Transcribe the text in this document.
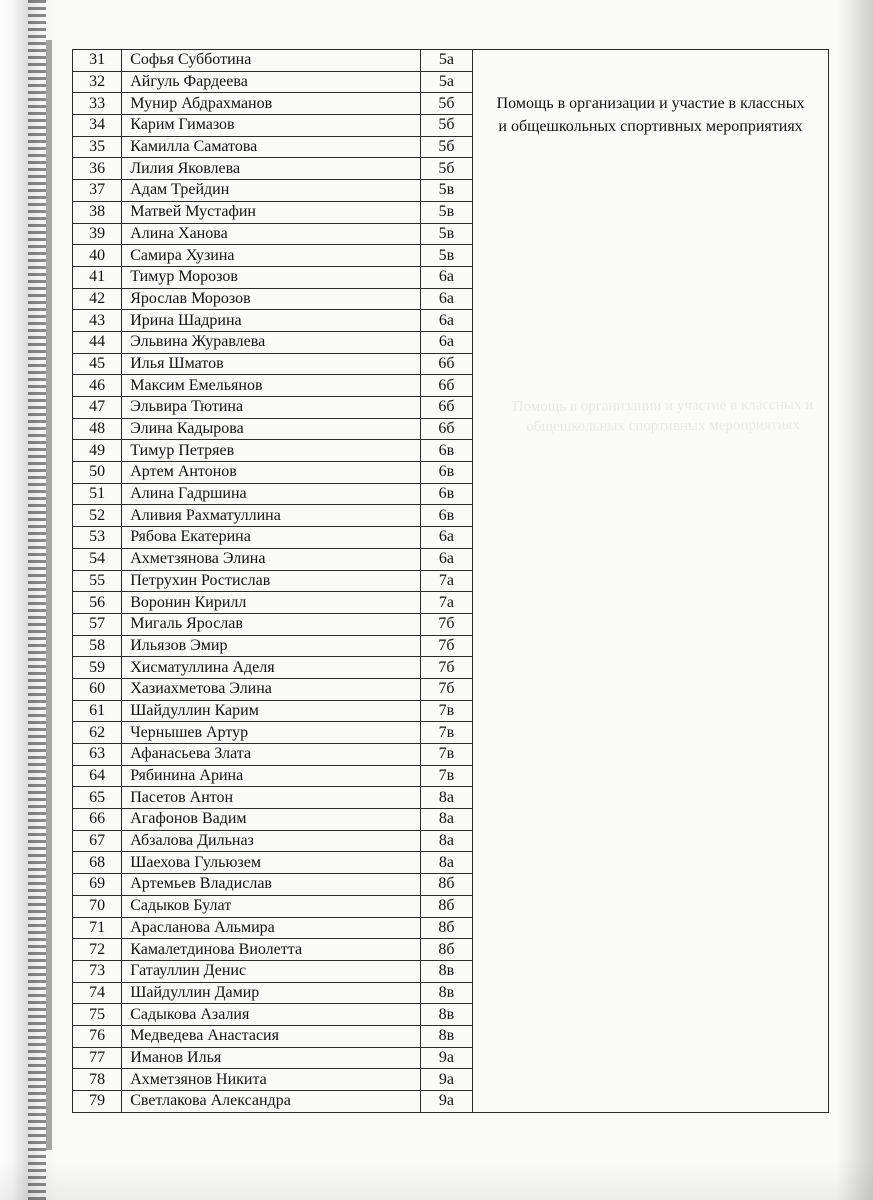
31	Софья Субботина	5а	Помощь в организации и участие в классных и общешкольных спортивных мероприятиях
32	Айгуль Фардеева	5а	
33	Мунир Абдрахманов	5б	
34	Карим Гимазов	5б	
35	Камилла Саматова	5б	
36	Лилия Яковлева	5б	
37	Адам Трейдин	5в	
38	Матвей Мустафин	5в	
39	Алина Ханова	5в	
40	Самира Хузина	5в	
41	Тимур Морозов	6а	
42	Ярослав Морозов	6а	
43	Ирина Шадрина	6а	
44	Эльвина Журавлева	6а	
45	Илья Шматов	6б	
46	Максим Емельянов	6б	
47	Эльвира Тютина	6б	
48	Элина Кадырова	6б	
49	Тимур Петряев	6в	
50	Артем Антонов	6в	
51	Алина Гадршина	6в	
52	Аливия Рахматуллина	6в	
53	Рябова Екатерина	6а	
54	Ахметзянова Элина	6а	
55	Петрухин Ростислав	7а	
56	Воронин Кирилл	7а	
57	Мигаль Ярослав	7б	
58	Ильязов Эмир	7б	
59	Хисматуллина Аделя	7б	
60	Хазиахметова Элина	7б	
61	Шайдуллин Карим	7в	
62	Чернышев Артур	7в	
63	Афанасьева Злата	7в	
64	Рябинина Арина	7в	
65	Пасетов Антон	8а	
66	Агафонов Вадим	8а	
67	Абзалова Дильназ	8а	
68	Шаехова Гульюзем	8а	
69	Артемьев Владислав	8б	
70	Садыков Булат	8б	
71	Арасланова Альмира	8б	
72	Камалетдинова Виолетта	8б	
73	Гатауллин Денис	8в	
74	Шайдуллин Дамир	8в	
75	Садыкова Азалия	8в	
76	Медведева Анастасия	8в	
77	Иманов Илья	9а	
78	Ахметзянов Никита	9а	
79	Светлакова Александра	9а	
Помощь в организации и участие в классных и общешкольных спортивных мероприятиях
